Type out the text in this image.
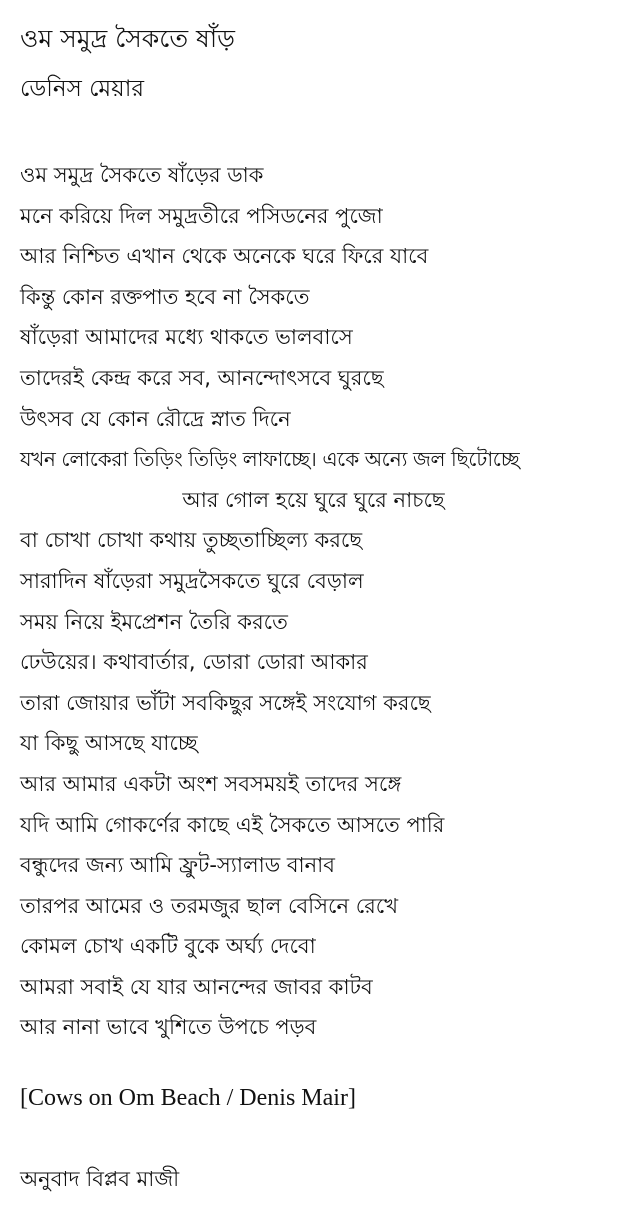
ওম সমুদ্র সৈকতে ষাঁড়
ডেনিস মেয়ার
ওম সমুদ্র সৈকতে ষাঁড়ের ডাক
মনে করিয়ে দিল সমুদ্রতীরে পসিডনের পুজো
আর নিশ্চিত এখান থেকে অনেকে ঘরে ফিরে যাবে
কিন্তু কোন রক্তপাত হবে না সৈকতে
ষাঁড়েরা আমাদের মধ্যে থাকতে ভালবাসে
তাদেরই কেন্দ্র করে সব, আনন্দোৎসবে ঘুরছে
উৎসব যে কোন রৌদ্রে স্নাত দিনে
যখন লোকেরা তিড়িং তিড়িং লাফাচ্ছে। একে অন্যে জল ছিটোচ্ছে
আর গোল হয়ে ঘুরে ঘুরে নাচছে
বা চোখা চোখা কথায় তুচ্ছতাচ্ছিল্য করছে
সারাদিন ষাঁড়েরা সমুদ্রসৈকতে ঘুরে বেড়াল
সময় নিয়ে ইমপ্রেশন তৈরি করতে
ঢেউয়ের। কথাবার্তার, ডোরা ডোরা আকার
তারা জোয়ার ভাঁটা সবকিছুর সঙ্গেই সংযোগ করছে
যা কিছু আসছে যাচ্ছে
আর আমার একটা অংশ সবসময়ই তাদের সঙ্গে
যদি আমি গোকর্ণের কাছে এই সৈকতে আসতে পারি
বন্ধুদের জন্য আমি ফ্রুট-স্যালাড বানাব
তারপর আমের ও তরমজুর ছাল বেসিনে রেখে
কোমল চোখ একটি বুকে অর্ঘ্য দেবো
আমরা সবাই যে যার আনন্দের জাবর কাটব
আর নানা ভাবে খুশিতে উপচে পড়ব
[Cows on Om Beach / Denis Mair]
অনুবাদ বিপ্লব মাজী
